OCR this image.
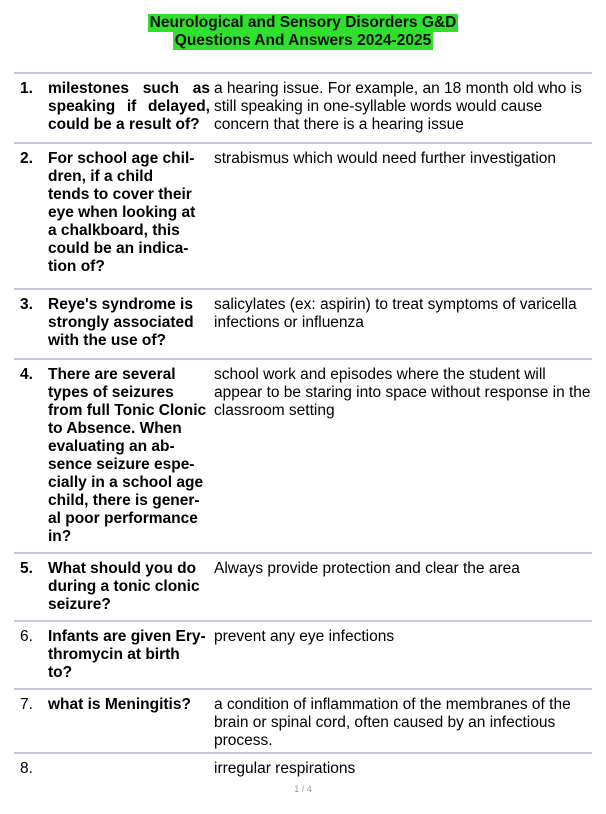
Neurological and Sensory Disorders G&D
Questions And Answers 2024-2025
1. milestones such as speaking if delayed, could be a result of?
a hearing issue. For example, an 18 month old who is still speaking in one-syllable words would cause concern that there is a hearing issue
2. For school age chil-
dren, if a child
tends to cover their
eye when looking at
a chalkboard, this
could be an indica-
tion of?
strabismus which would need further investigation
3. Reye's syndrome is strongly associated with the use of?
salicylates (ex: aspirin) to treat symptoms of varicella infections or influenza
4. There are several
types of seizures
from full Tonic Clonic
to Absence. When
evaluating an ab-
sence seizure espe-
cially in a school age
child, there is gener-
al poor performance
in?
school work and episodes where the student will appear to be staring into space without response in the classroom setting
5. What should you do during a tonic clonic seizure?
Always provide protection and clear the area
6. Infants are given Ery-
thromycin at birth
to?
prevent any eye infections
7. what is Meningitis?	a condition of inflammation of the membranes of the brain or spinal cord, often caused by an infectious process.
8.	irregular respirations
1 / 4
